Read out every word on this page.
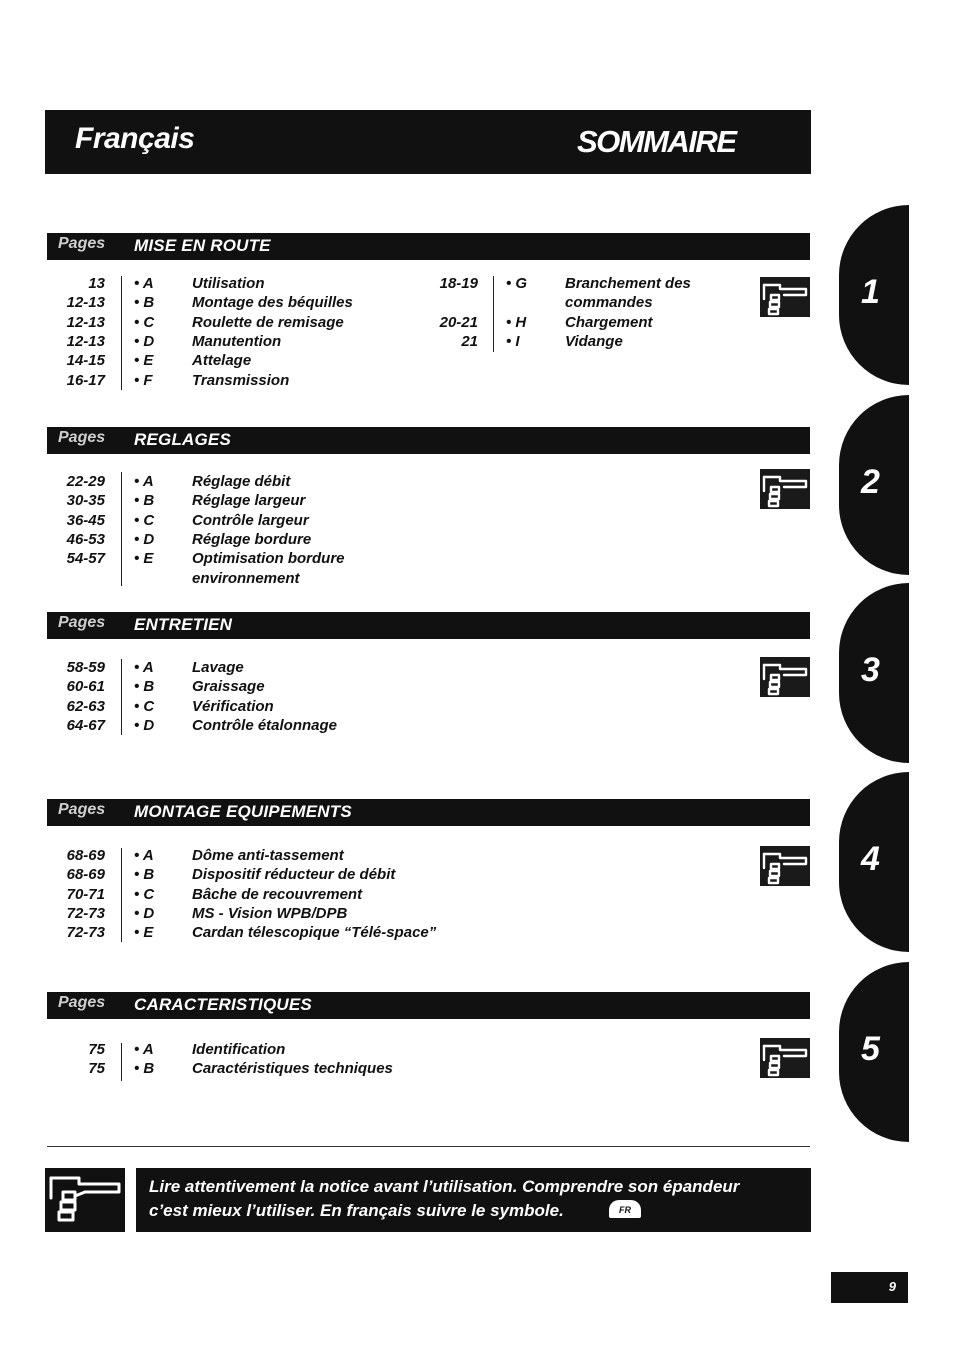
Français	SOMMAIRE
Pages MISE EN ROUTE
13 • A	Utilisation
12-13 • B	Montage des béquilles
12-13 • C	Roulette de remisage
12-13 • D	Manutention
14-15 • E	Attelage
16-17 • F	Transmission
18-19 • G	Branchement des
commandes
20-21 • H	Chargement
21 • I	Vidange
Pages REGLAGES
22-29 • A	Réglage débit
30-35 • B	Réglage largeur
36-45 • C	Contrôle largeur
46-53 • D	Réglage bordure
54-57 • E	Optimisation bordure
environnement
Pages ENTRETIEN
58-59 • A	Lavage
60-61 • B	Graissage
62-63 • C	Vérification
64-67 • D	Contrôle étalonnage
Pages MONTAGE EQUIPEMENTS
68-69 • A	Dôme anti-tassement
68-69 • B	Dispositif réducteur de débit
70-71 • C	Bâche de recouvrement
72-73 • D	MS - Vision WPB/DPB
72-73 • E	Cardan télescopique “Télé-space”
Pages CARACTERISTIQUES
75 • A	Identification
75 • B	Caractéristiques techniques
1
2
3
4
5
Lire attentivement la notice avant l’utilisation. Comprendre son épandeur
c’est mieux l’utiliser. En français suivre le symbole.	FR
9
